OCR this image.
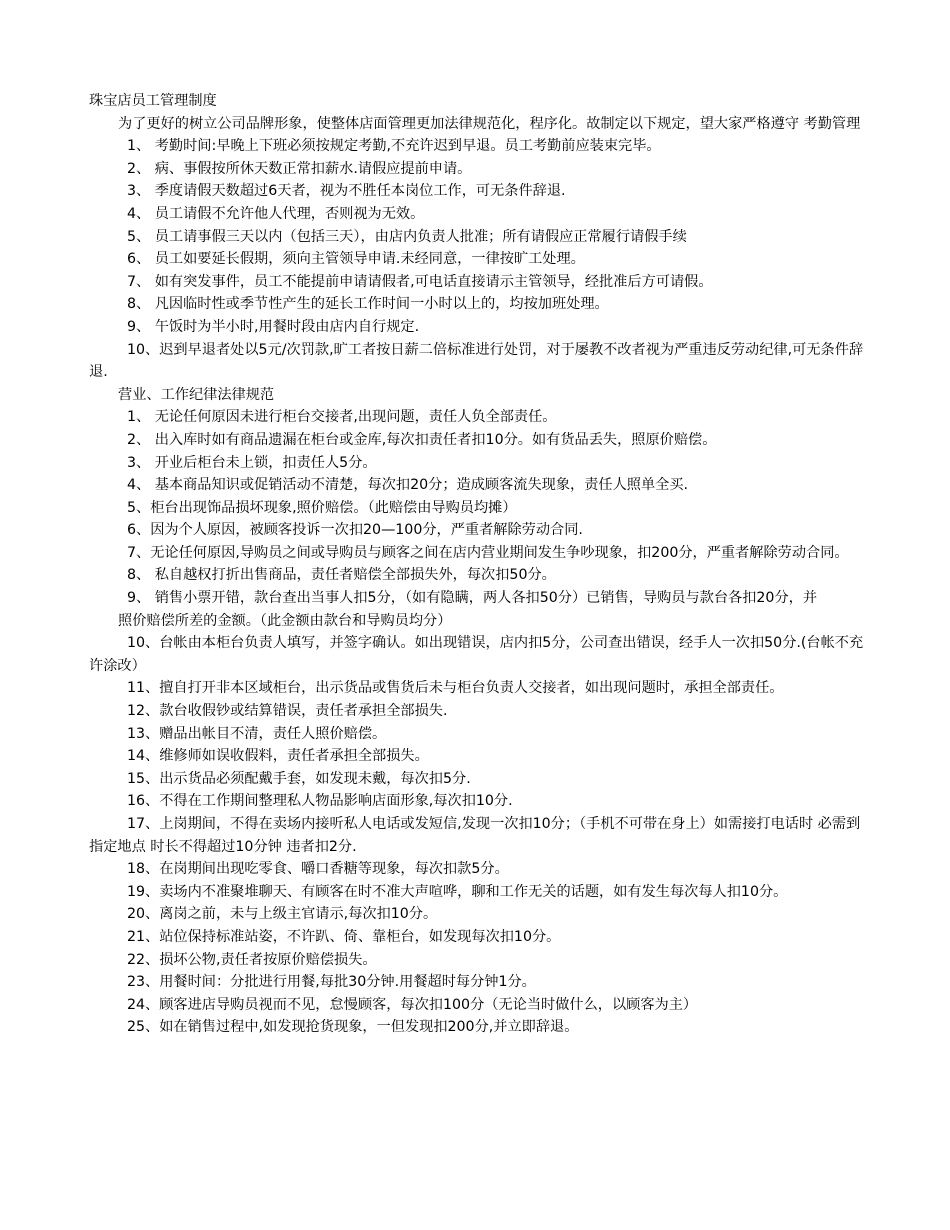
珠宝店员工管理制度

为了更好的树立公司品牌形象，使整体店面管理更加法律规范化，程序化。故制定以下规定，望大家严格遵守 考勤管理

1、 考勤时间:早晚上下班必须按规定考勤,不充许迟到早退。员工考勤前应装束完毕。

2、 病、事假按所休天数正常扣薪水.请假应提前申请。

3、 季度请假天数超过6天者，视为不胜任本岗位工作，可无条件辞退.

4、 员工请假不允许他人代理，否则视为无效。

5、 员工请事假三天以内（包括三天），由店内负责人批准；所有请假应正常履行请假手续

6、 员工如要延长假期，须向主管领导申请.未经同意，一律按旷工处理。

7、 如有突发事件，员工不能提前申请请假者,可电话直接请示主管领导，经批准后方可请假。

8、 凡因临时性或季节性产生的延长工作时间一小时以上的，均按加班处理。

9、 午饭时为半小时,用餐时段由店内自行规定.

10、迟到早退者处以5元/次罚款,旷工者按日薪二倍标准进行处罚，对于屡教不改者视为严重违反劳动纪律,可无条件辞退.

营业、工作纪律法律规范

1、 无论任何原因未进行柜台交接者,出现问题，责任人负全部责任。

2、 出入库时如有商品遗漏在柜台或金库,每次扣责任者扣10分。如有货品丢失，照原价赔偿。

3、 开业后柜台未上锁，扣责任人5分。

4、 基本商品知识或促销活动不清楚，每次扣20分；造成顾客流失现象，责任人照单全买.

5、柜台出现饰品损坏现象,照价赔偿。（此赔偿由导购员均摊）

6、因为个人原因，被顾客投诉一次扣20—100分，严重者解除劳动合同.

7、无论任何原因,导购员之间或导购员与顾客之间在店内营业期间发生争吵现象，扣200分，严重者解除劳动合同。

8、 私自越权打折出售商品，责任者赔偿全部损失外，每次扣50分。

9、 销售小票开错，款台查出当事人扣5分，（如有隐瞒，两人各扣50分）已销售，导购员与款台各扣20分，并

照价赔偿所差的金额。（此金额由款台和导购员均分）

10、台帐由本柜台负责人填写，并签字确认。如出现错误，店内扣5分，公司查出错误，经手人一次扣50分.(台帐不充许涂改）

11、擅自打开非本区域柜台，出示货品或售货后未与柜台负责人交接者，如出现问题时，承担全部责任。

12、款台收假钞或结算错误，责任者承担全部损失.

13、赠品出帐目不清，责任人照价赔偿。

14、维修师如误收假料，责任者承担全部损失。

15、出示货品必须配戴手套，如发现未戴，每次扣5分.

16、不得在工作期间整理私人物品影响店面形象,每次扣10分.

17、上岗期间，不得在卖场内接听私人电话或发短信,发现一次扣10分；（手机不可带在身上）如需接打电话时 必需到指定地点 时长不得超过10分钟 违者扣2分.

18、在岗期间出现吃零食、嚼口香糖等现象，每次扣款5分。

19、卖场内不准聚堆聊天、有顾客在时不准大声喧哗，聊和工作无关的话题，如有发生每次每人扣10分。

20、离岗之前，未与上级主官请示,每次扣10分。

21、站位保持标准站姿，不许趴、倚、靠柜台，如发现每次扣10分。

22、损坏公物,责任者按原价赔偿损失。

23、用餐时间：分批进行用餐,每批30分钟.用餐超时每分钟1分。

24、顾客进店导购员视而不见，怠慢顾客，每次扣100分（无论当时做什么，以顾客为主）

25、如在销售过程中,如发现抢货现象，一但发现扣200分,并立即辞退。
